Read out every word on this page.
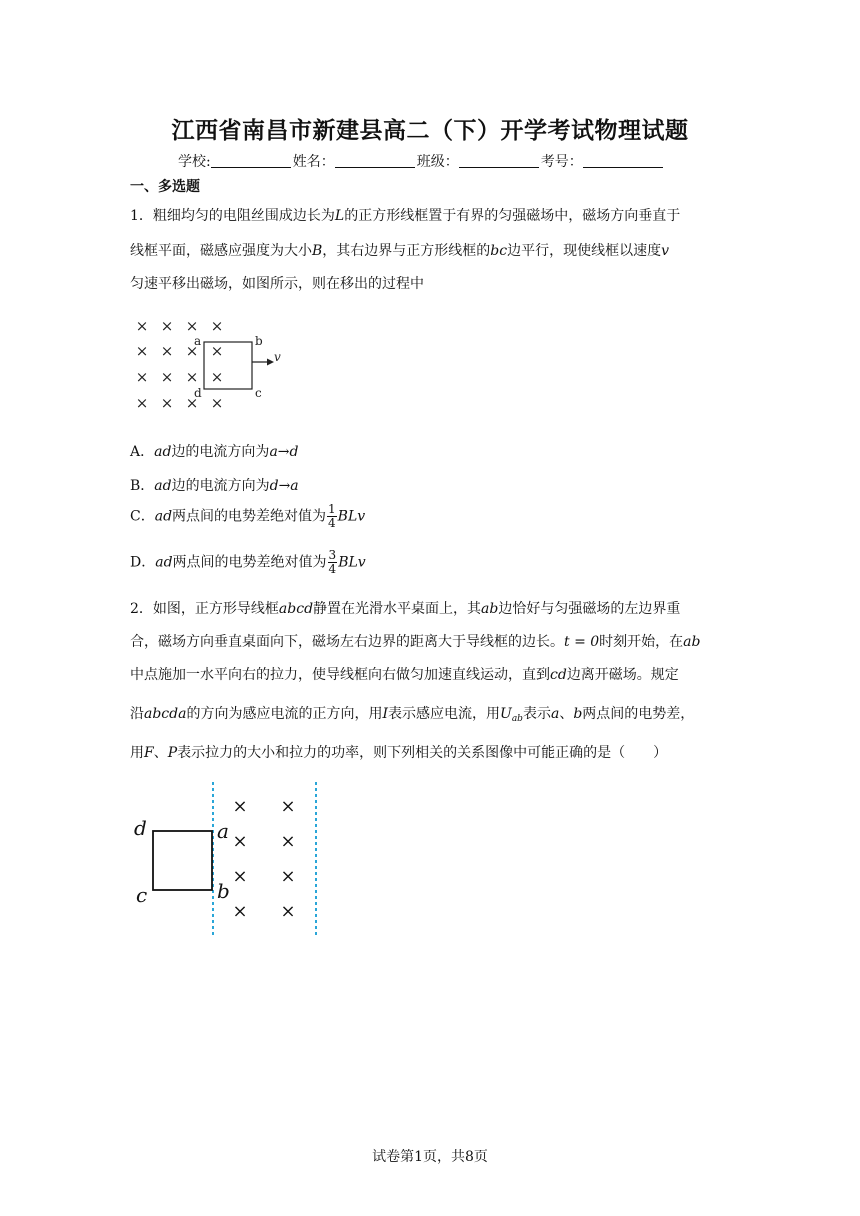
江西省南昌市新建县高二（下）开学考试物理试题
学校:	姓名：	班级：	考号：
一、多选题
1．粗细均匀的电阻丝围成边长为L的正方形线框置于有界的匀强磁场中，磁场方向垂直于
线框平面，磁感应强度为大小B，其右边界与正方形线框的bc边平行，现使线框以速度v
匀速平移出磁场，如图所示，则在移出的过程中
× × × ×
× × × ×
× × × ×
× × × ×
a	b
c
d
v
A．ad边的电流方向为a→d
B．ad边的电流方向为d→a
C．ad两点间的电势差绝对值为 $\frac{1}{4}$ BLv
D．ad两点间的电势差绝对值为 $\frac{3}{4}$ BLv
2．如图，正方形导线框abcd静置在光滑水平桌面上，其ab边恰好与匀强磁场的左边界重
合，磁场方向垂直桌面向下，磁场左右边界的距离大于导线框的边长。t = 0时刻开始，在ab
中点施加一水平向右的拉力，使导线框向右做匀加速直线运动，直到cd边离开磁场。规定
沿abcda的方向为感应电流的正方向，用I表示感应电流，用$U_{ab}$表示a、b两点间的电势差，
用F、P表示拉力的大小和拉力的功率，则下列相关的关系图像中可能正确的是（　　）
d	a
b
c
× ×
× ×
× ×
× ×
试卷第1页，共8页
